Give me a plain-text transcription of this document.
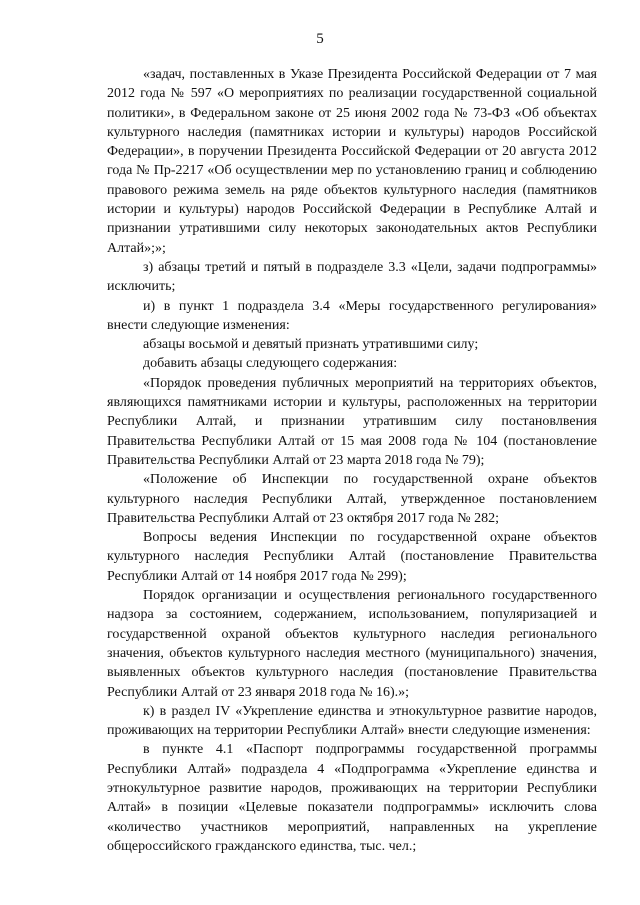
5

«задач, поставленных в Указе Президента Российской Федерации от 7 мая 2012 года № 597 «О мероприятиях по реализации государственной социальной политики», в Федеральном законе от 25 июня 2002 года № 73-ФЗ «Об объектах культурного наследия (памятниках истории и культуры) народов Российской Федерации», в поручении Президента Российской Федерации от 20 августа 2012 года № Пр-2217 «Об осуществлении мер по установлению границ и соблюдению правового режима земель на ряде объектов культурного наследия (памятников истории и культуры) народов Российской Федерации в Республике Алтай и признании утратившими силу некоторых законодательных актов Республики Алтай»;»;

з) абзацы третий и пятый в подразделе 3.3 «Цели, задачи подпрограммы» исключить;

и) в пункт 1 подраздела 3.4 «Меры государственного регулирования» внести следующие изменения:

абзацы восьмой и девятый признать утратившими силу;

добавить абзацы следующего содержания:

«Порядок проведения публичных мероприятий на территориях объектов, являющихся памятниками истории и культуры, расположенных на территории Республики Алтай, и признании утратившим силу постановлвения Правительства Республики Алтай от 15 мая 2008 года № 104 (постановление Правительства Республики Алтай от 23 марта 2018 года № 79);

«Положение об Инспекции по государственной охране объектов культурного наследия Республики Алтай, утвержденное постановлением Правительства Республики Алтай от 23 октября 2017 года № 282;

Вопросы ведения Инспекции по государственной охране объектов культурного наследия Республики Алтай (постановление Правительства Республики Алтай от 14 ноября 2017 года № 299);

Порядок организации и осуществления регионального государственного надзора за состоянием, содержанием, использованием, популяризацией и государственной охраной объектов культурного наследия регионального значения, объектов культурного наследия местного (муниципального) значения, выявленных объектов культурного наследия (постановление Правительства Республики Алтай от 23 января 2018 года № 16).»;

к) в раздел IV «Укрепление единства и этнокультурное развитие народов, проживающих на территории Республики Алтай» внести следующие изменения:

в пункте 4.1 «Паспорт подпрограммы государственной программы Республики Алтай» подраздела 4 «Подпрограмма «Укрепление единства и этнокультурное развитие народов, проживающих на территории Республики Алтай» в позиции «Целевые показатели подпрограммы» исключить слова «количество участников мероприятий, направленных на укрепление общероссийского гражданского единства, тыс. чел.;
